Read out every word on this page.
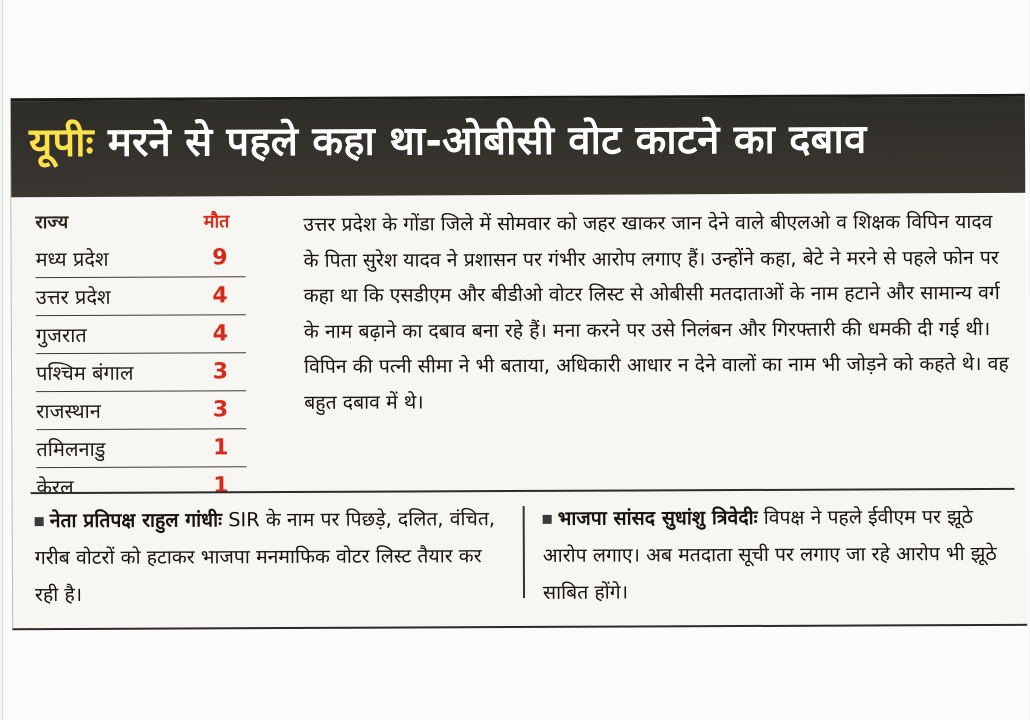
यूपीः मरने से पहले कहा था-ओबीसी वोट काटने का दबाव
राज्य	मौत
मध्य प्रदेश	9
उत्तर प्रदेश	4
गुजरात	4
पश्चिम बंगाल	3
राजस्थान	3
तमिलनाडु	1
केरल	1

उत्तर प्रदेश के गोंडा जिले में सोमवार को जहर खाकर जान देने वाले बीएलओ व शिक्षक विपिन यादव के पिता सुरेश यादव ने प्रशासन पर गंभीर आरोप लगाए हैं। उन्होंने कहा, बेटे ने मरने से पहले फोन पर कहा था कि एसडीएम और बीडीओ वोटर लिस्ट से ओबीसी मतदाताओं के नाम हटाने और सामान्य वर्ग के नाम बढ़ाने का दबाव बना रहे हैं। मना करने पर उसे निलंबन और गिरफ्तारी की धमकी दी गई थी। विपिन की पत्नी सीमा ने भी बताया, अधिकारी आधार न देने वालों का नाम भी जोड़ने को कहते थे। वह बहुत दबाव में थे।

नेता प्रतिपक्ष राहुल गांधीः SIR के नाम पर पिछड़े, दलित, वंचित, गरीब वोटरों को हटाकर भाजपा मनमाफिक वोटर लिस्ट तैयार कर रही है।

भाजपा सांसद सुधांशु त्रिवेदीः विपक्ष ने पहले ईवीएम पर झूठे आरोप लगाए। अब मतदाता सूची पर लगाए जा रहे आरोप भी झूठे साबित होंगे।
